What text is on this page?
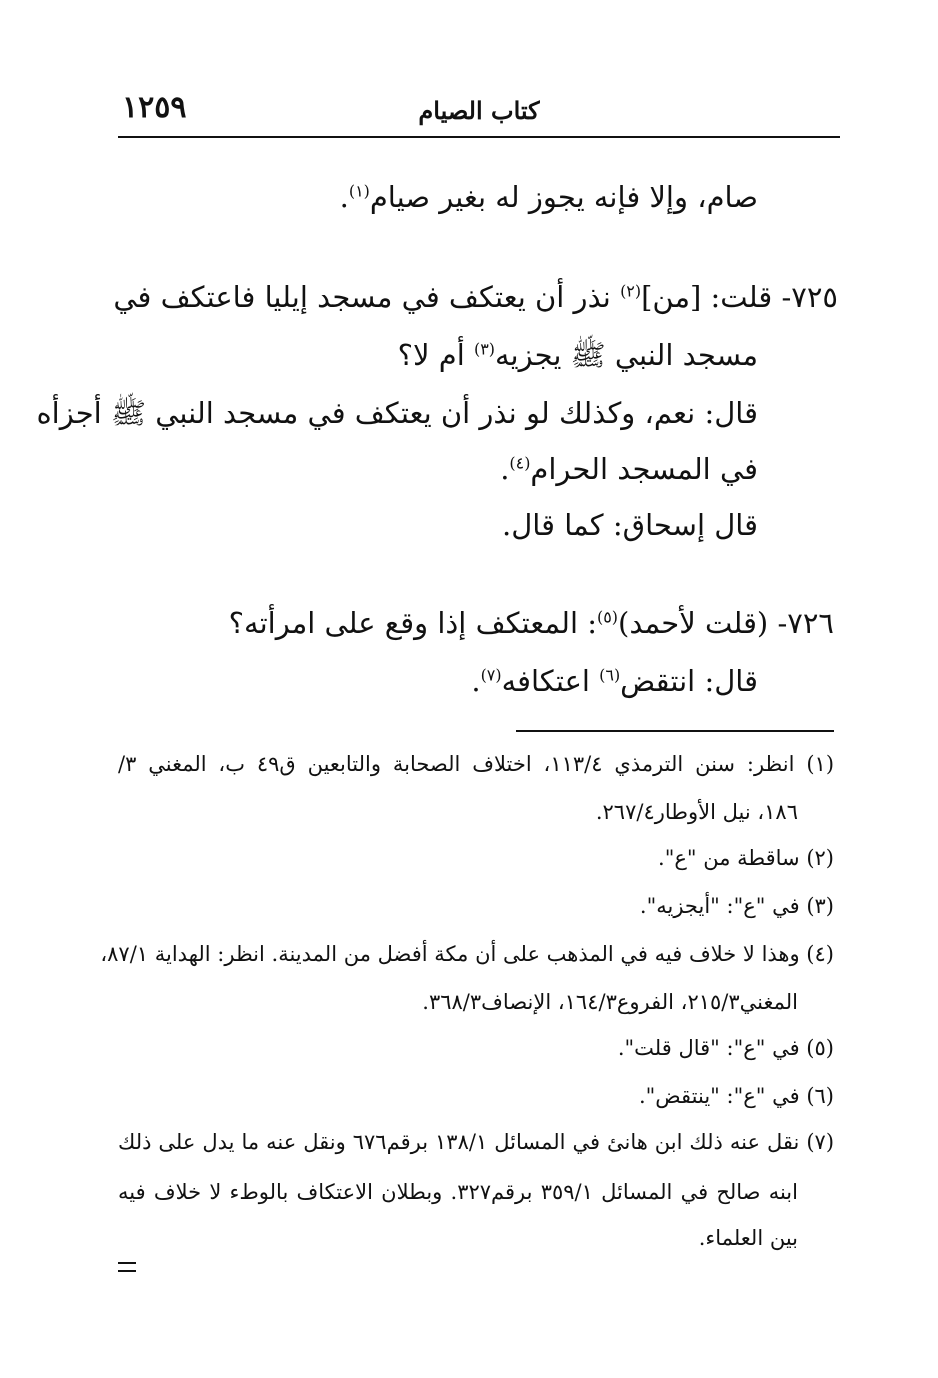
كتاب الصيام
١٢٥٩
صام، وإلا فإنه يجوز له بغير صيام$^{(١)}$.
٧٢٥- قلت: [من]$^{(٢)}$ نذر أن يعتكف في مسجد إيليا فاعتكف في
مسجد النبي ﷺ يجزيه$^{(٣)}$ أم لا؟
قال: نعم، وكذلك لو نذر أن يعتكف في مسجد النبي ﷺ أجزأه
في المسجد الحرام$^{(٤)}$.
قال إسحاق: كما قال.
٧٢٦- (قلت لأحمد)$^{(٥)}$: المعتكف إذا وقع على امرأته؟
قال: انتقض$^{(٦)}$ اعتكافه$^{(٧)}$.
(١) انظر: سنن الترمذي ١١٣/٤، اختلاف الصحابة والتابعين ق٤٩ ب، المغني ٣/
١٨٦، نيل الأوطار٢٦٧/٤.
(٢) ساقطة من "ع".
(٣) في "ع": "أيجزيه".
(٤) وهذا لا خلاف فيه في المذهب على أن مكة أفضل من المدينة. انظر: الهداية ٨٧/١،
المغني٢١٥/٣، الفروع١٦٤/٣، الإنصاف٣٦٨/٣.
(٥) في "ع": "قال قلت".
(٦) في "ع": "ينتقض".
(٧) نقل عنه ذلك ابن هانئ في المسائل ١٣٨/١ برقم٦٧٦ ونقل عنه ما يدل على ذلك
ابنه صالح في المسائل ٣٥٩/١ برقم٣٢٧. وبطلان الاعتكاف بالوطء لا خلاف فيه
بين العلماء.
